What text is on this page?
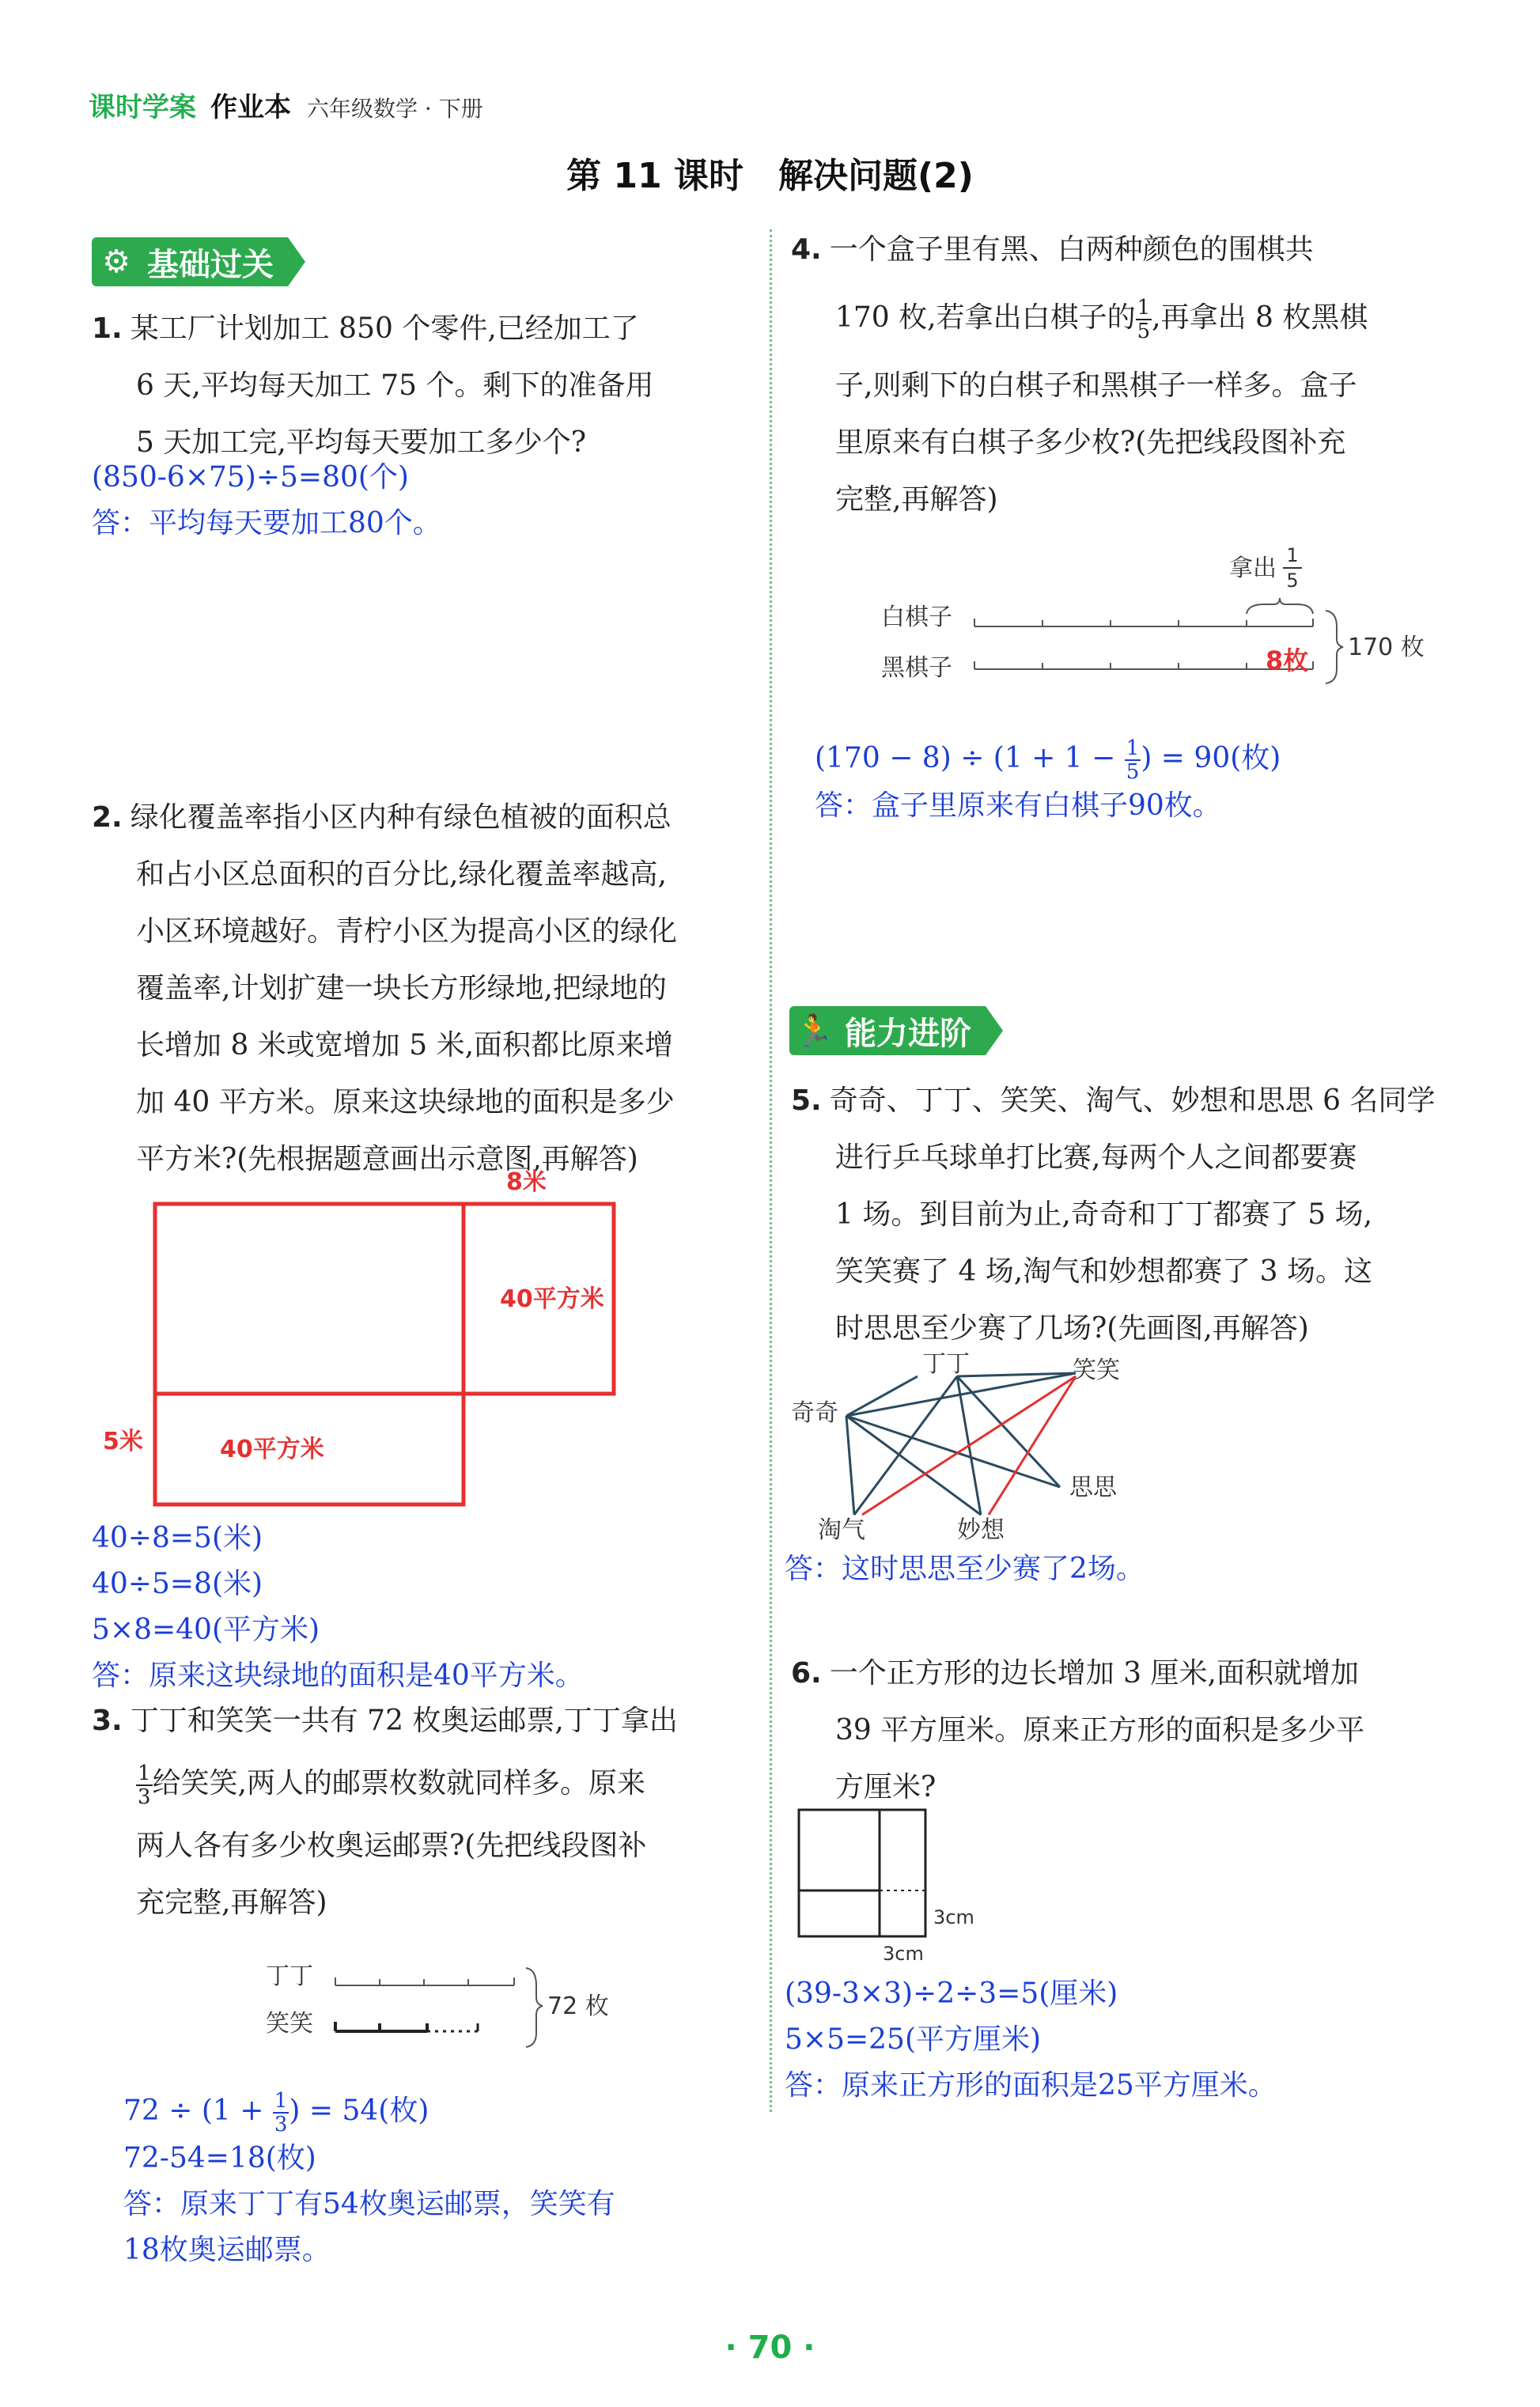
课时学案 作业本 六年级数学 · 下册
第 11 课时　解决问题(2)
⚙ 基础过关
1. 某工厂计划加工 850 个零件,已经加工了
6 天,平均每天加工 75 个。剩下的准备用
5 天加工完,平均每天要加工多少个?
(850-6×75)÷5=80(个)
答：平均每天要加工80个。
2. 绿化覆盖率指小区内种有绿色植被的面积总
和占小区总面积的百分比,绿化覆盖率越高,
小区环境越好。青柠小区为提高小区的绿化
覆盖率,计划扩建一块长方形绿地,把绿地的
长增加 8 米或宽增加 5 米,面积都比原来增
加 40 平方米。原来这块绿地的面积是多少
平方米?(先根据题意画出示意图,再解答)
8米
40平方米
5米	40平方米
40÷8=5(米)
40÷5=8(米)
5×8=40(平方米)
答：原来这块绿地的面积是40平方米。
3. 丁丁和笑笑一共有 72 枚奥运邮票,丁丁拿出
$\frac{1}{3}$ 给笑笑,两人的邮票枚数就同样多。原来
两人各有多少枚奥运邮票?(先把线段图补
充完整,再解答)
丁丁
笑笑
72 枚
$72 \div (1 + \frac{1}{3}$ ) = 54(枚)
72-54=18(枚)
答：原来丁丁有54枚奥运邮票，笑笑有
18枚奥运邮票。
4. 一个盒子里有黑、白两种颜色的围棋共
170 枚,若拿出白棋子的 $\frac{1}{5}$ ,再拿出 8 枚黑棋
子,则剩下的白棋子和黑棋子一样多。盒子
里原来有白棋子多少枚?(先把线段图补充
完整,再解答)
拿出 1
5
白棋子
黑棋子	8枚 170 枚
$(170 - 8) \div (1 + 1 - \frac{1}{5}$ ) = 90(枚)
答：盒子里原来有白棋子90枚。
🏃 能力进阶
5. 奇奇、丁丁、笑笑、淘气、妙想和思思 6 名同学
进行乒乓球单打比赛,每两个人之间都要赛
1 场。到目前为止,奇奇和丁丁都赛了 5 场,
笑笑赛了 4 场,淘气和妙想都赛了 3 场。这
时思思至少赛了几场?(先画图,再解答)
丁丁	笑笑
奇奇
思思
淘气	妙想
答：这时思思至少赛了2场。
6. 一个正方形的边长增加 3 厘米,面积就增加
39 平方厘米。原来正方形的面积是多少平
方厘米?
3cm
3cm
(39-3×3)÷2÷3=5(厘米)
5×5=25(平方厘米)
答：原来正方形的面积是25平方厘米。
· 70 ·
